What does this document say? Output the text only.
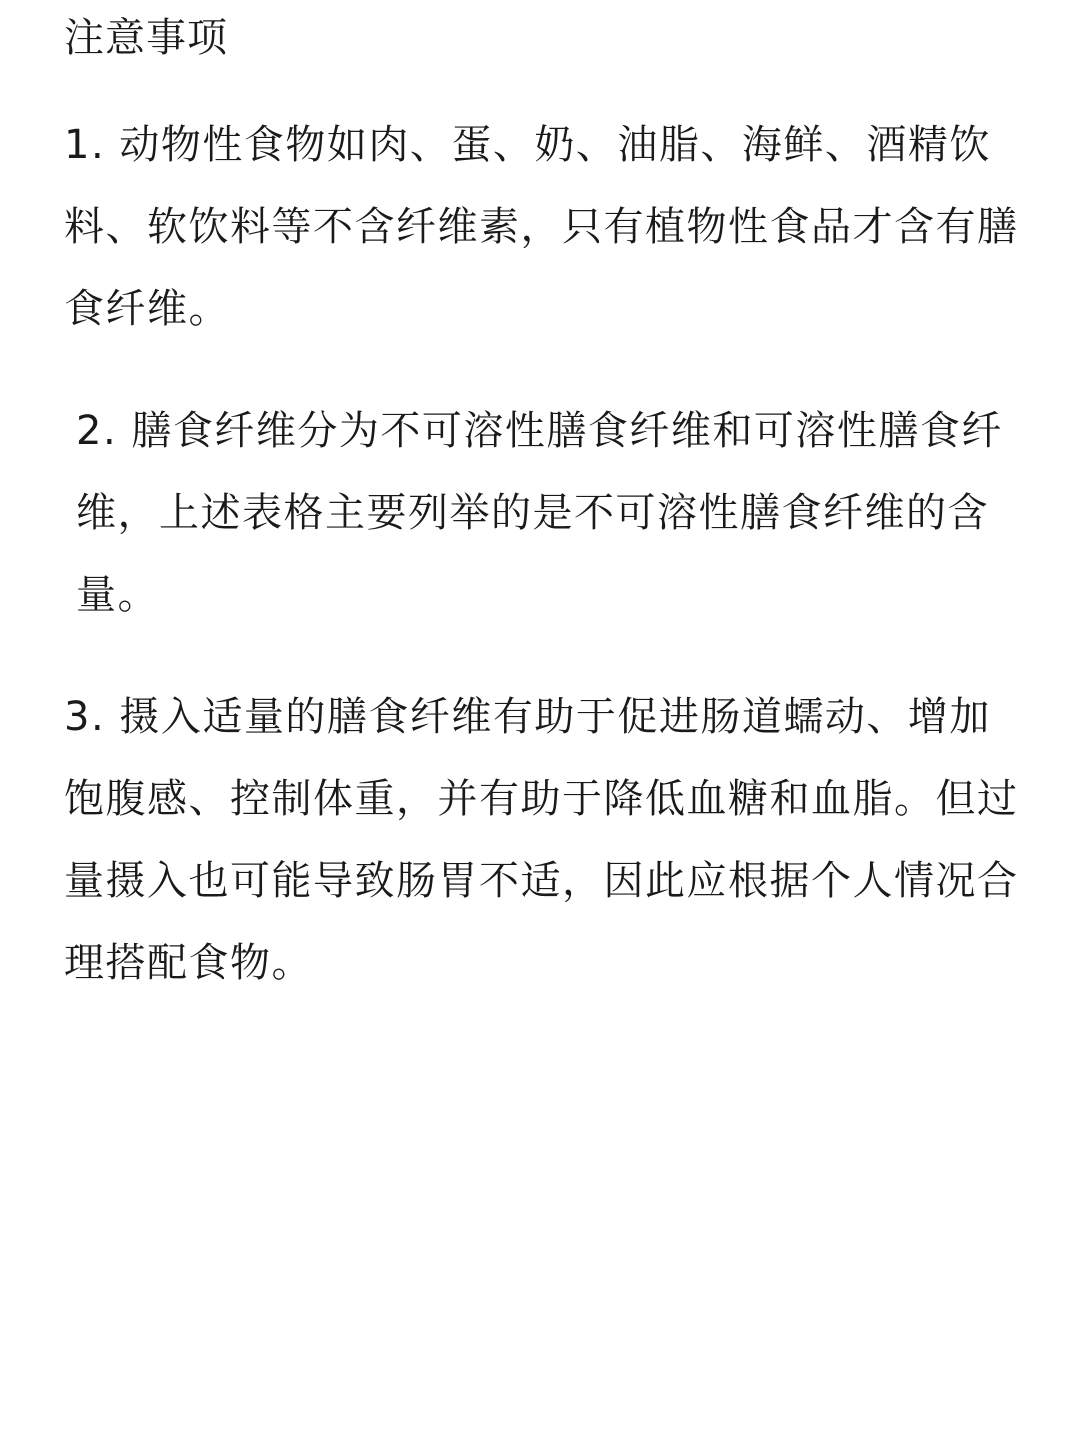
注意事项

1. 动物性食物如肉、蛋、奶、油脂、海鲜、酒精饮料、软饮料等不含纤维素，只有植物性食品才含有膳食纤维。

2. 膳食纤维分为不可溶性膳食纤维和可溶性膳食纤维，上述表格主要列举的是不可溶性膳食纤维的含量。

3. 摄入适量的膳食纤维有助于促进肠道蠕动、增加饱腹感、控制体重，并有助于降低血糖和血脂。但过量摄入也可能导致肠胃不适，因此应根据个人情况合理搭配食物。
